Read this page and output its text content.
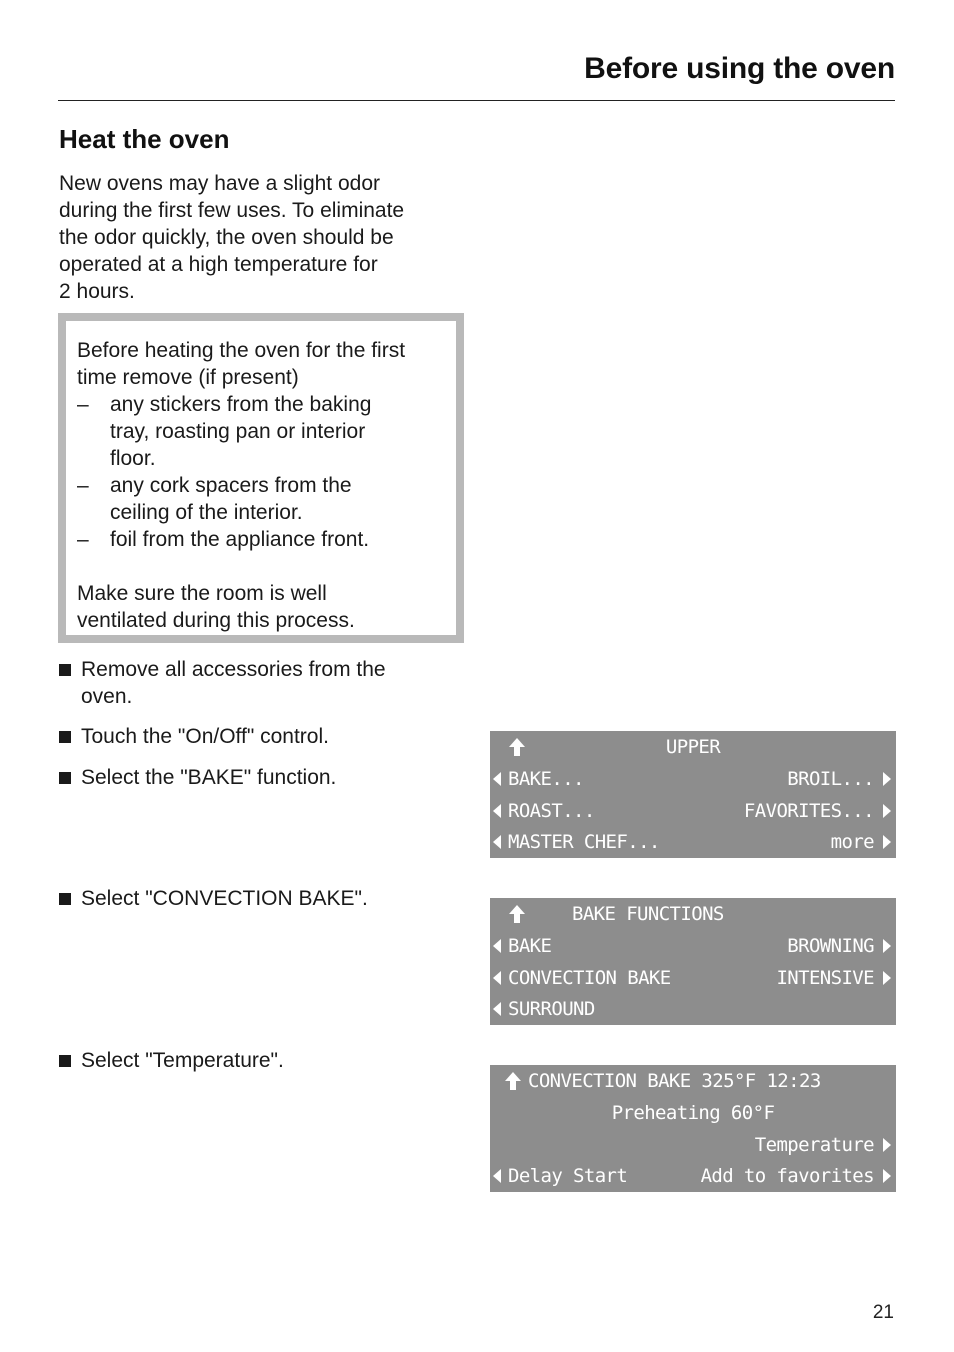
Before using the oven
Heat the oven
New ovens may have a slight odor
during the first few uses. To eliminate
the odor quickly, the oven should be
operated at a high temperature for
2 hours.
Before heating the oven for the first
time remove (if present)
–	any stickers from the baking
tray, roasting pan or interior
floor.
–	any cork spacers from the
ceiling of the interior.
–	foil from the appliance front.
Make sure the room is well
ventilated during this process.

Remove all accessories from the
oven.

Touch the "On/Off" control.

Select the "BAKE" function.

Select "CONVECTION BAKE".

Select "Temperature".

UPPER
BAKE...	BROIL...
ROAST...	FAVORITES...
MASTER CHEF...	more
BAKE FUNCTIONS
BAKE	BROWNING
CONVECTION BAKE	INTENSIVE
SURROUND
CONVECTION BAKE 325°F 12:23
Preheating 60°F
Temperature
Delay Start	Add to favorites
21
